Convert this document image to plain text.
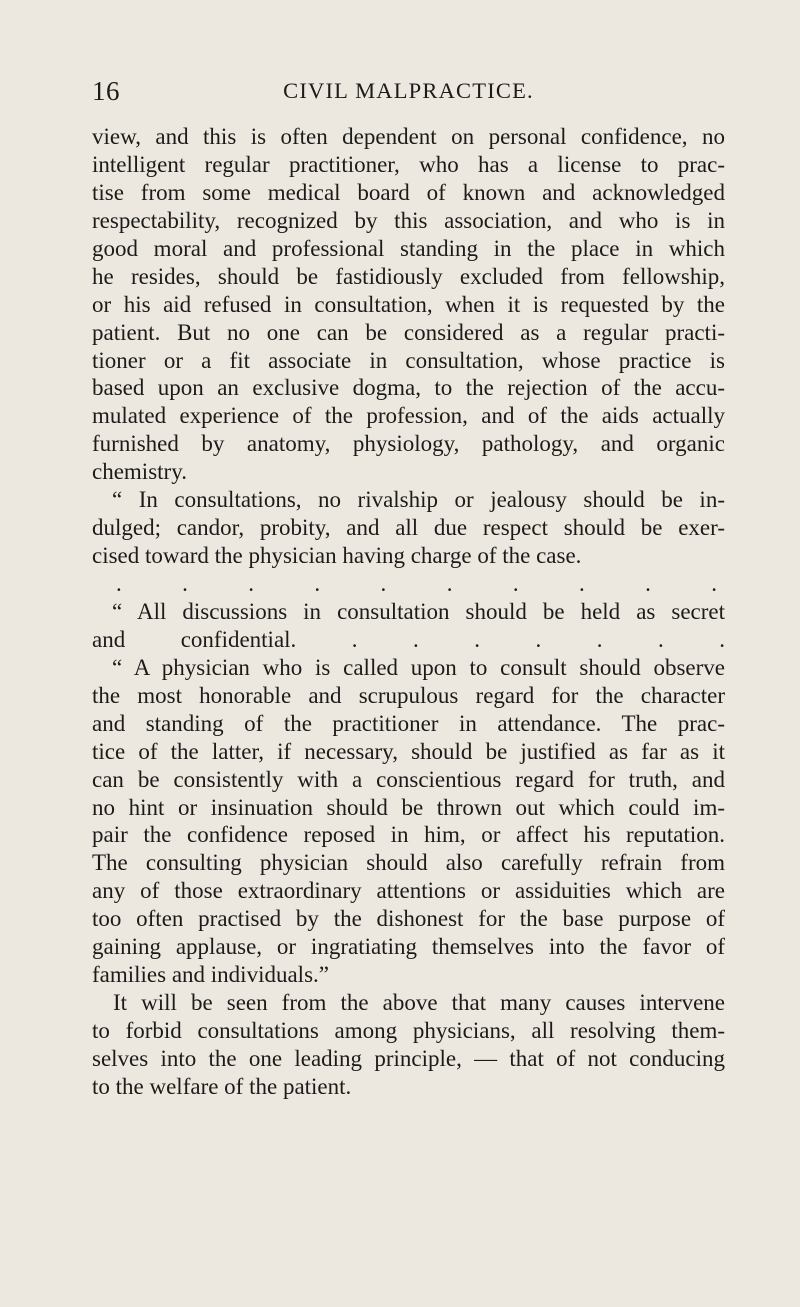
16	CIVIL MALPRACTICE.
view, and this is often dependent on personal confidence, no
intelligent regular practitioner, who has a license to prac-
tise from some medical board of known and acknowledged
respectability, recognized by this association, and who is in
good moral and professional standing in the place in which
he resides, should be fastidiously excluded from fellowship,
or his aid refused in consultation, when it is requested by the
patient. But no one can be considered as a regular practi-
tioner or a fit associate in consultation, whose practice is
based upon an exclusive dogma, to the rejection of the accu-
mulated experience of the profession, and of the aids actually
furnished by anatomy, physiology, pathology, and organic
chemistry.
“ In consultations, no rivalship or jealousy should be in-
dulged; candor, probity, and all due respect should be exer-
cised toward the physician having charge of the case.
. . . . . . . . . .
“ All discussions in consultation should be held as secret
and confidential. . . . . . . .
“ A physician who is called upon to consult should observe
the most honorable and scrupulous regard for the character
and standing of the practitioner in attendance. The prac-
tice of the latter, if necessary, should be justified as far as it
can be consistently with a conscientious regard for truth, and
no hint or insinuation should be thrown out which could im-
pair the confidence reposed in him, or affect his reputation.
The consulting physician should also carefully refrain from
any of those extraordinary attentions or assiduities which are
too often practised by the dishonest for the base purpose of
gaining applause, or ingratiating themselves into the favor of
families and individuals.”
It will be seen from the above that many causes intervene
to forbid consultations among physicians, all resolving them-
selves into the one leading principle, — that of not conducing
to the welfare of the patient.
